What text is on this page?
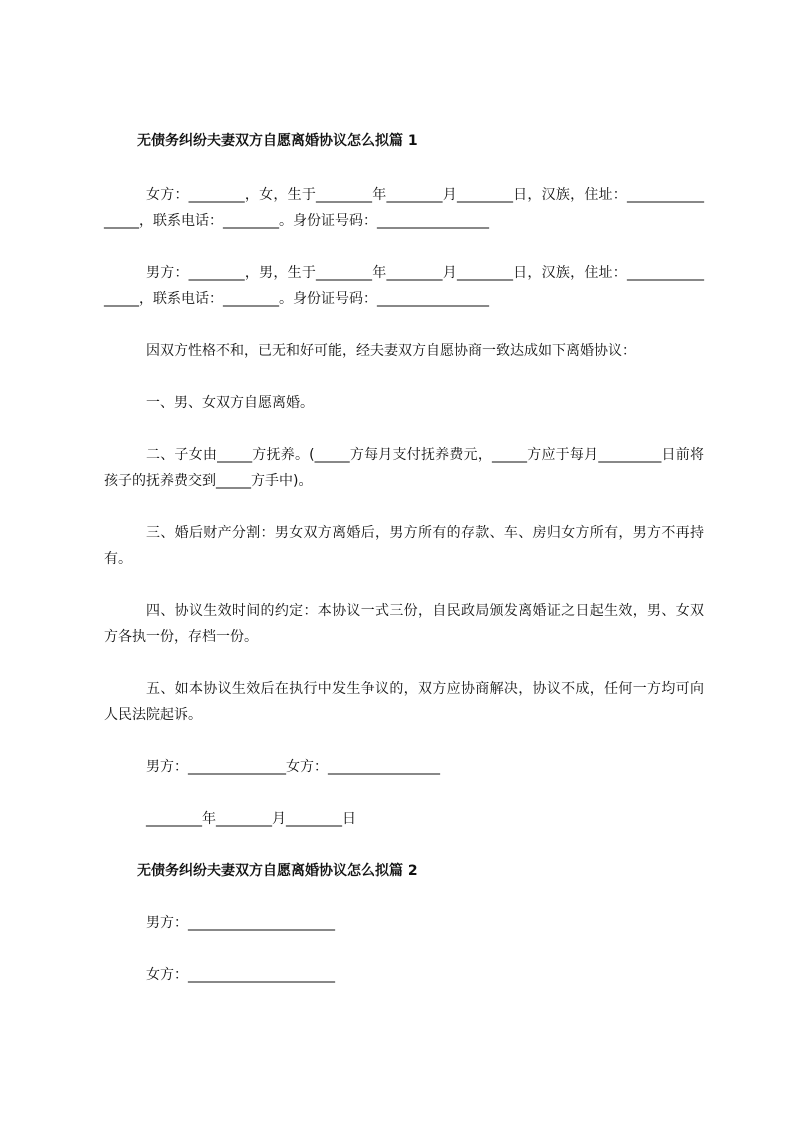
无债务纠纷夫妻双方自愿离婚协议怎么拟篇 1
女方：________，女，生于________年________月________日，汉族，住址：________________，联系电话：________。身份证号码：________________
男方：________，男，生于________年________月________日，汉族，住址：________________，联系电话：________。身份证号码：________________
因双方性格不和，已无和好可能，经夫妻双方自愿协商一致达成如下离婚协议：
一、男、女双方自愿离婚。
二、子女由_____方抚养。(_____方每月支付抚养费元，_____方应于每月_________日前将孩子的抚养费交到_____方手中)。
三、婚后财产分割：男女双方离婚后，男方所有的存款、车、房归女方所有，男方不再持有。
四、协议生效时间的约定：本协议一式三份，自民政局颁发离婚证之日起生效，男、女双方各执一份，存档一份。
五、如本协议生效后在执行中发生争议的，双方应协商解决，协议不成，任何一方均可向人民法院起诉。
男方：______________女方：________________
________年________月________日
无债务纠纷夫妻双方自愿离婚协议怎么拟篇 2
男方：_____________________
女方：_____________________
